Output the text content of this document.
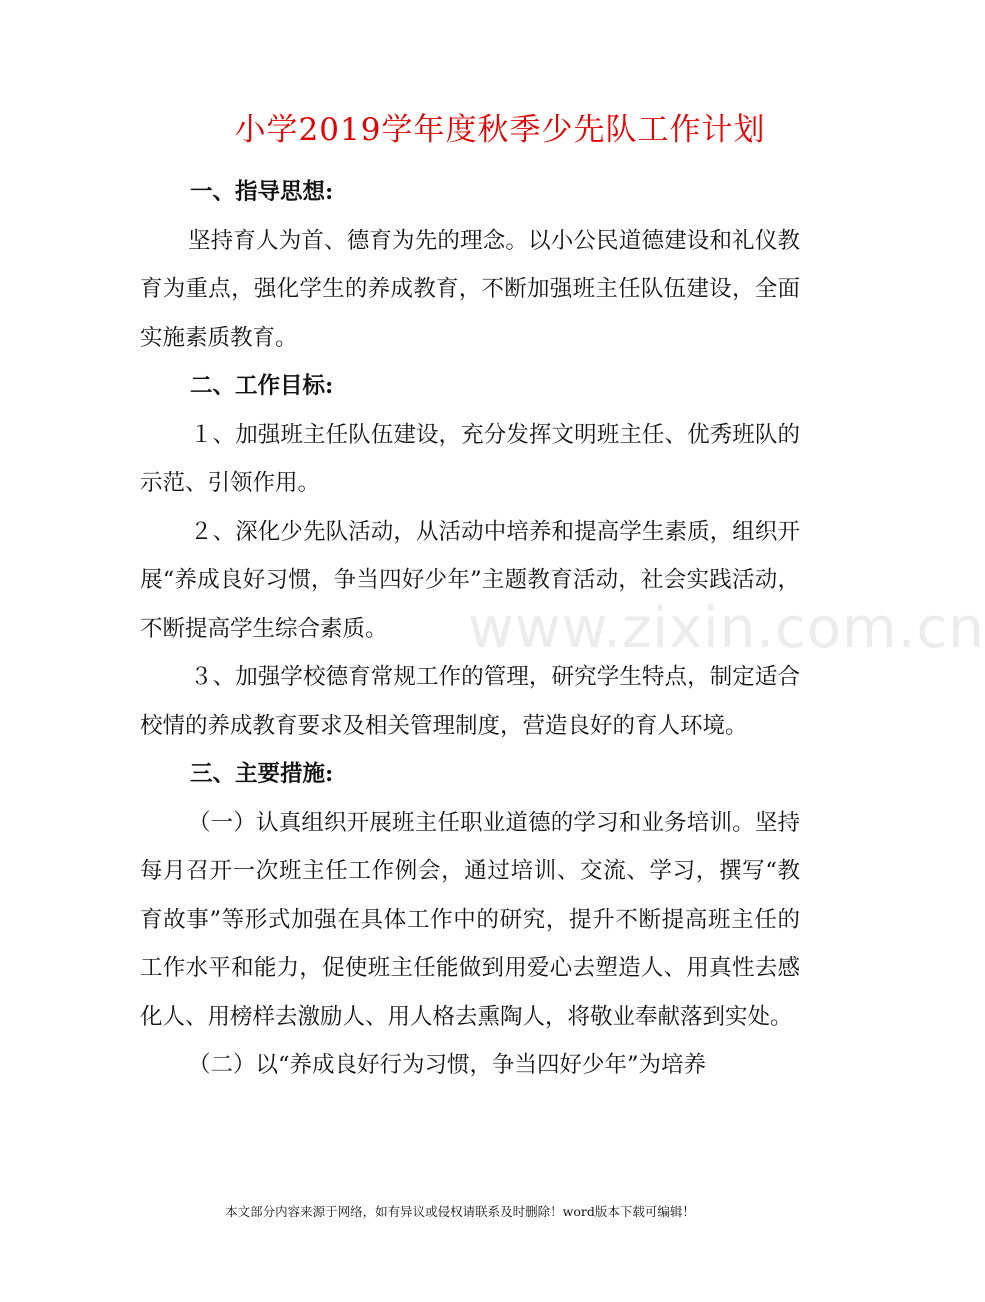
小学2019学年度秋季少先队工作计划

一、指导思想:

坚持育人为首、德育为先的理念。以小公民道德建设和礼仪教育为重点，强化学生的养成教育，不断加强班主任队伍建设，全面实施素质教育。

二、工作目标:

１、加强班主任队伍建设，充分发挥文明班主任、优秀班队的示范、引领作用。

２、深化少先队活动，从活动中培养和提高学生素质，组织开展“养成良好习惯，争当四好少年”主题教育活动，社会实践活动，不断提高学生综合素质。

３、加强学校德育常规工作的管理，研究学生特点，制定适合校情的养成教育要求及相关管理制度，营造良好的育人环境。

三、主要措施:

（一）认真组织开展班主任职业道德的学习和业务培训。坚持每月召开一次班主任工作例会，通过培训、交流、学习，撰写“教育故事”等形式加强在具体工作中的研究，提升不断提高班主任的工作水平和能力，促使班主任能做到用爱心去塑造人、用真性去感化人、用榜样去激励人、用人格去熏陶人，将敬业奉献落到实处。

（二）以“养成良好行为习惯，争当四好少年”为培养

www.zixin.com.cn
本文部分内容来源于网络，如有异议或侵权请联系及时删除！word版本下载可编辑！
